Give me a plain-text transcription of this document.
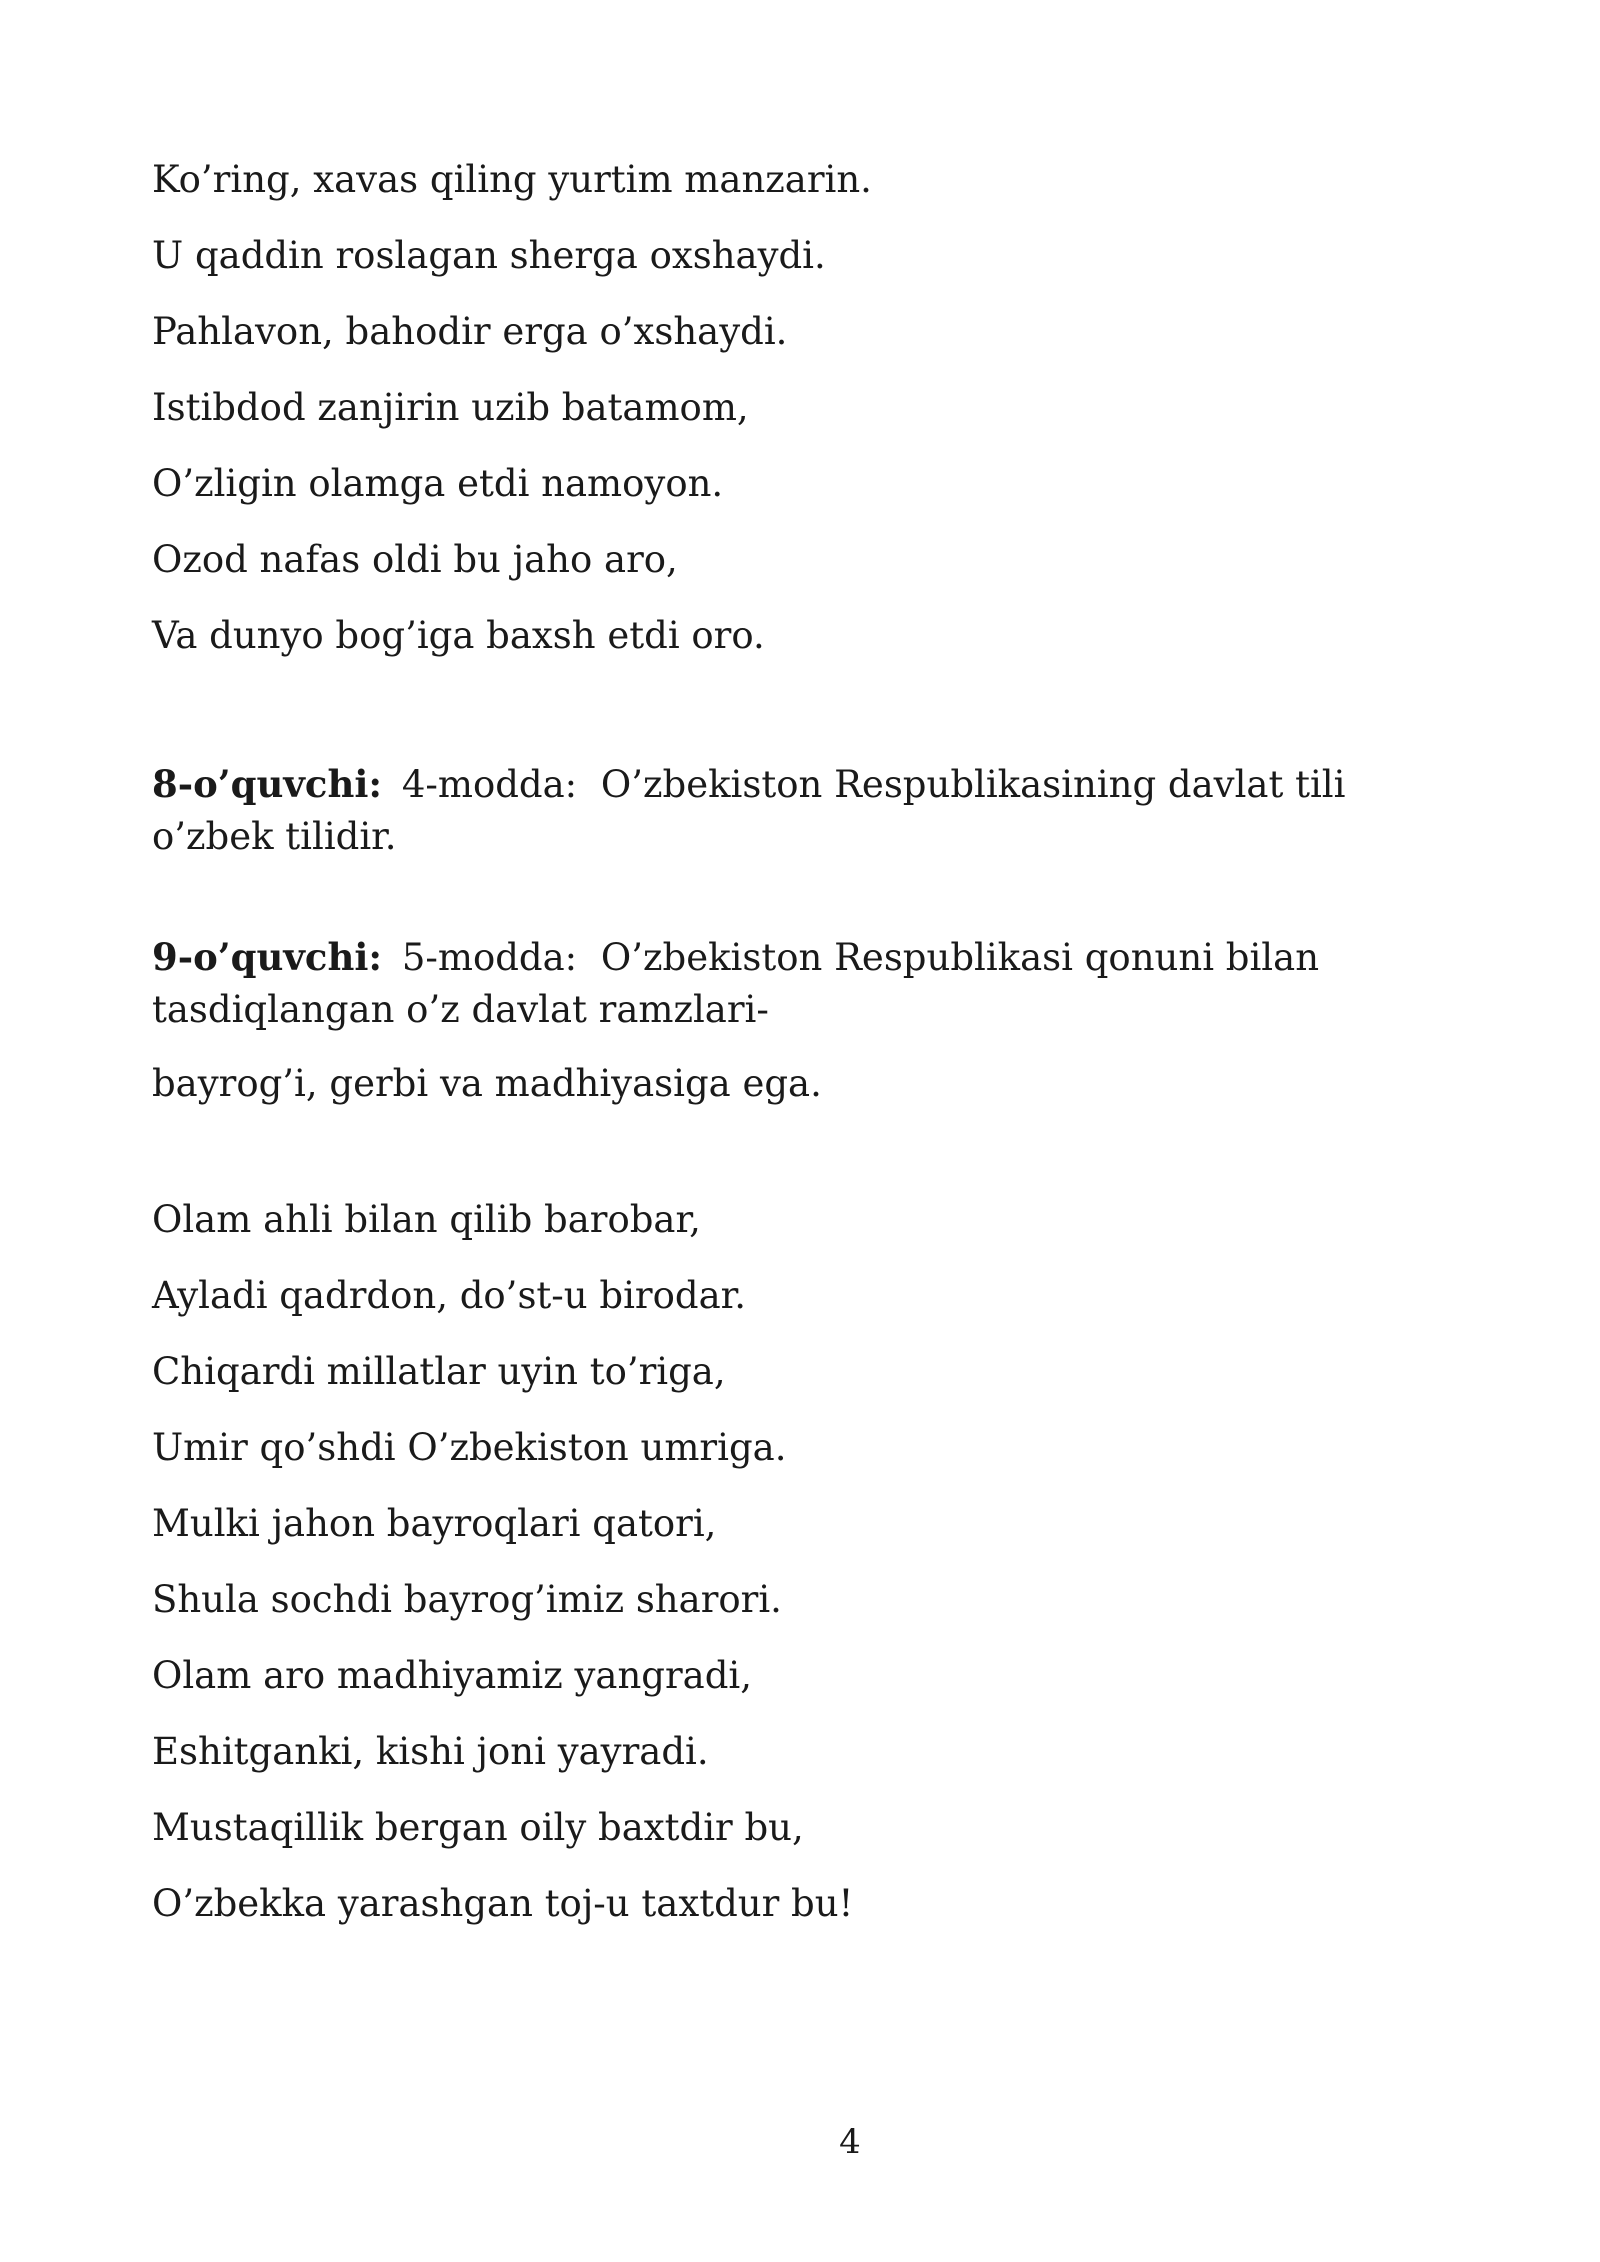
Ko’ring, xavas qiling yurtim manzarin.
U qaddin roslagan sherga oxshaydi.
Pahlavon, bahodir erga o’xshaydi.
Istibdod zanjirin uzib batamom,
O’zligin olamga etdi namoyon.
Ozod nafas oldi bu jaho aro,
Va dunyo bog’iga baxsh etdi oro.

8-o’quvchi: 4-modda: O’zbekiston Respublikasining davlat tili o’zbek tilidir.

9-o’quvchi: 5-modda: O’zbekiston Respublikasi qonuni bilan tasdiqlangan o’z davlat ramzlari-

bayrog’i, gerbi va madhiyasiga ega.
Olam ahli bilan qilib barobar,
Ayladi qadrdon, do’st-u birodar.
Chiqardi millatlar uyin to’riga,
Umir qo’shdi O’zbekiston umriga.
Mulki jahon bayroqlari qatori,
Shula sochdi bayrog’imiz sharori.
Olam aro madhiyamiz yangradi,
Eshitganki, kishi joni yayradi.
Mustaqillik bergan oily baxtdir bu,
O’zbekka yarashgan toj-u taxtdur bu!
4
